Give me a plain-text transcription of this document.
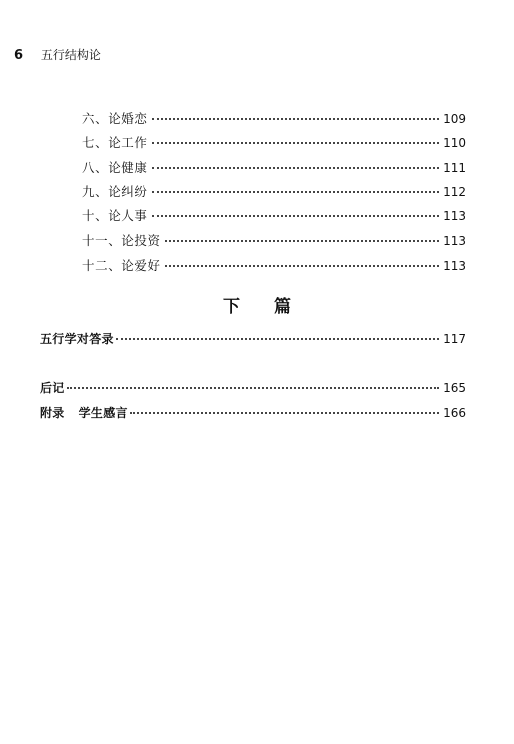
6 五行结构论
六、论婚恋	109
七、论工作	110
八、论健康	111
九、论纠纷	112
十、论人事	113
十一、论投资	113
十二、论爱好	113
下篇
五行学对答录	117
后记	165
附录 学生感言	166
